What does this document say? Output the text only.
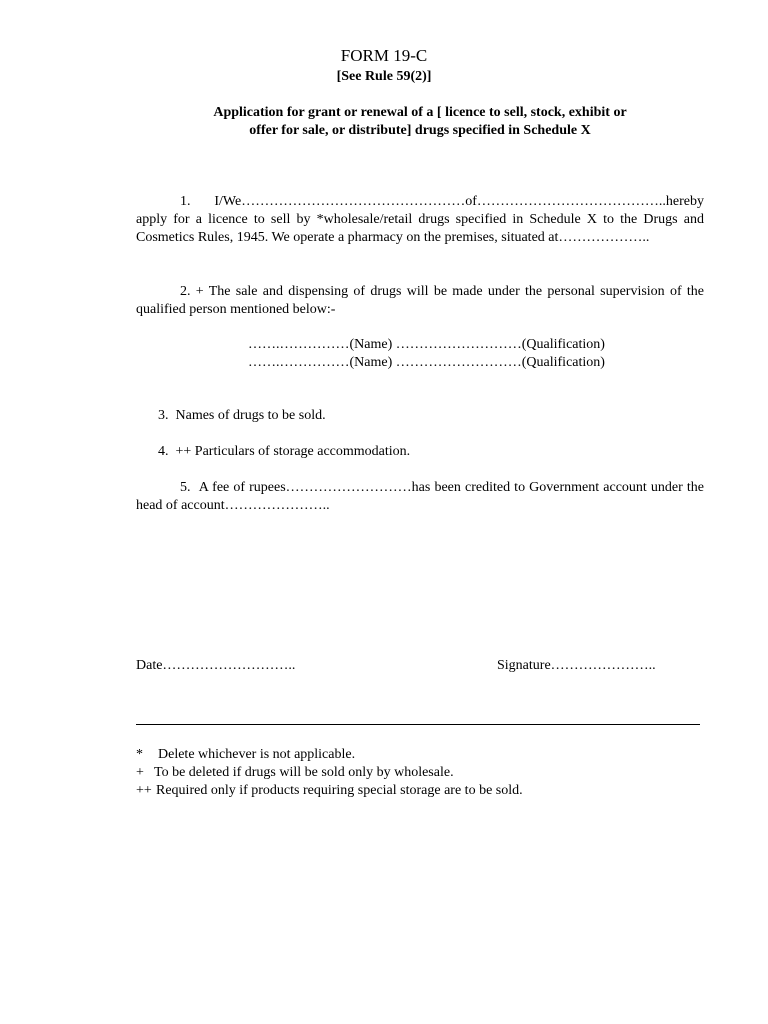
FORM 19-C
[See Rule 59(2)]
Application for grant or renewal of a [ licence to sell, stock, exhibit or
offer for sale, or distribute] drugs specified in Schedule X
1. I/We…………………………………………of…………………………………..hereby apply for a licence to sell by *wholesale/retail drugs specified in Schedule X to the Drugs and Cosmetics Rules, 1945. We operate a pharmacy on the premises, situated at………………..
2. + The sale and dispensing of drugs will be made under the personal supervision of the qualified person mentioned below:-
…….……………(Name) ………………………(Qualification)
…….……………(Name) ………………………(Qualification)
3. Names of drugs to be sold.
4. ++ Particulars of storage accommodation.
5. A fee of rupees………………………has been credited to Government account under the head of account…………………..
Date………………………..	Signature…………………..
* Delete whichever is not applicable.
+ To be deleted if drugs will be sold only by wholesale.
++ Required only if products requiring special storage are to be sold.
